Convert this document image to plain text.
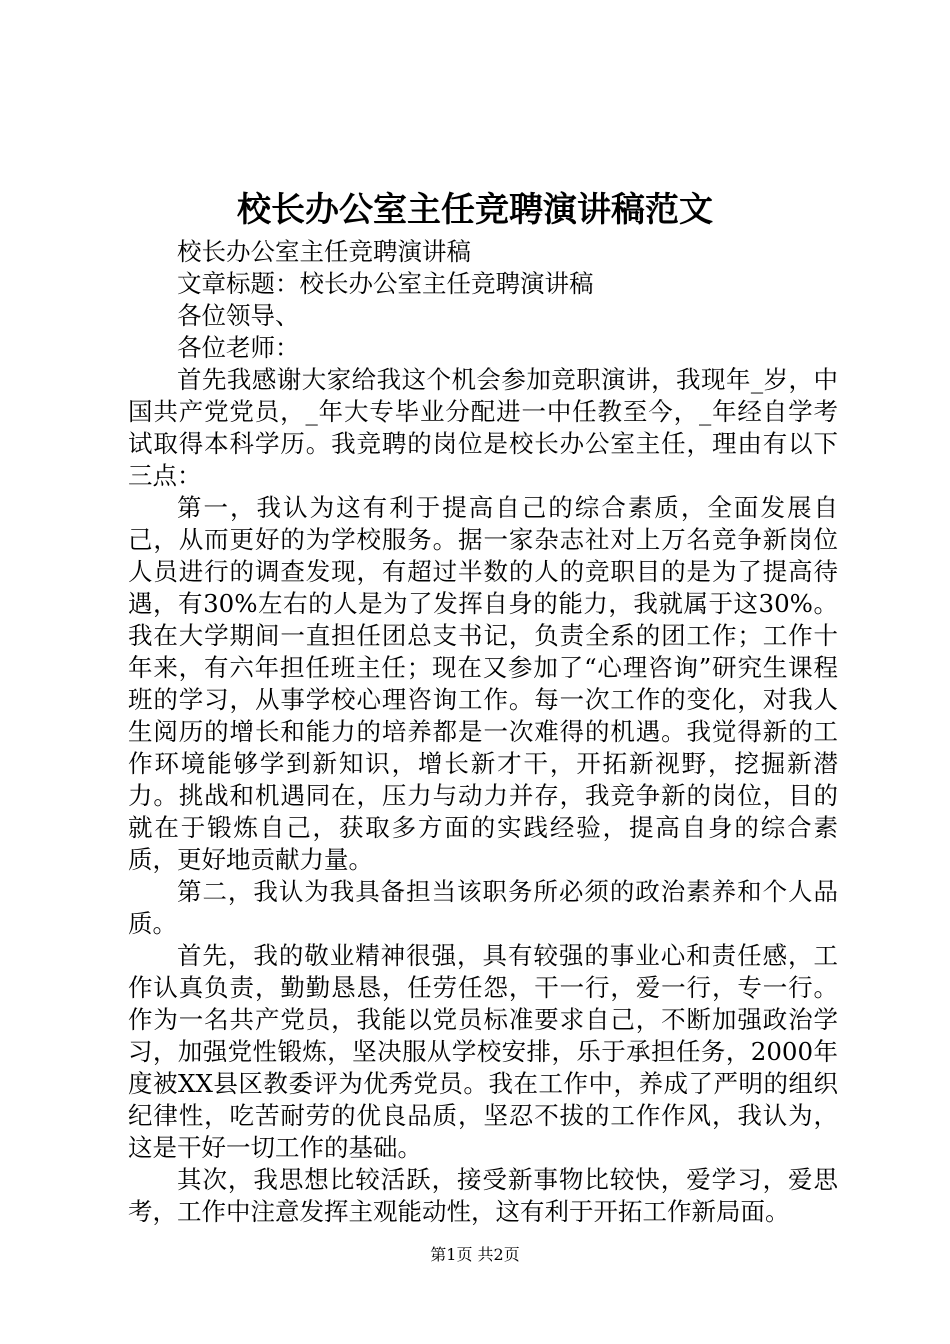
校长办公室主任竞聘演讲稿范文

校长办公室主任竞聘演讲稿

文章标题：校长办公室主任竞聘演讲稿

各位领导、

各位老师：

首先我感谢大家给我这个机会参加竞职演讲，我现年_岁，中国共产党党员，_年大专毕业分配进一中任教至今，_年经自学考试取得本科学历。我竞聘的岗位是校长办公室主任，理由有以下三点：

第一，我认为这有利于提高自己的综合素质，全面发展自己，从而更好的为学校服务。据一家杂志社对上万名竞争新岗位人员进行的调查发现，有超过半数的人的竞职目的是为了提高待遇，有30%左右的人是为了发挥自身的能力，我就属于这30%。我在大学期间一直担任团总支书记，负责全系的团工作；工作十年来，有六年担任班主任；现在又参加了“心理咨询”研究生课程班的学习，从事学校心理咨询工作。每一次工作的变化，对我人生阅历的增长和能力的培养都是一次难得的机遇。我觉得新的工作环境能够学到新知识，增长新才干，开拓新视野，挖掘新潜力。挑战和机遇同在，压力与动力并存，我竞争新的岗位，目的就在于锻炼自己，获取多方面的实践经验，提高自身的综合素质，更好地贡献力量。

第二，我认为我具备担当该职务所必须的政治素养和个人品质。

首先，我的敬业精神很强，具有较强的事业心和责任感，工作认真负责，勤勤恳恳，任劳任怨，干一行，爱一行，专一行。作为一名共产党员，我能以党员标准要求自己，不断加强政治学习，加强党性锻炼，坚决服从学校安排，乐于承担任务，2000年度被XX县区教委评为优秀党员。我在工作中，养成了严明的组织纪律性，吃苦耐劳的优良品质，坚忍不拔的工作作风，我认为，这是干好一切工作的基础。

其次，我思想比较活跃，接受新事物比较快，爱学习，爱思考，工作中注意发挥主观能动性，这有利于开拓工作新局面。

第1页 共2页
